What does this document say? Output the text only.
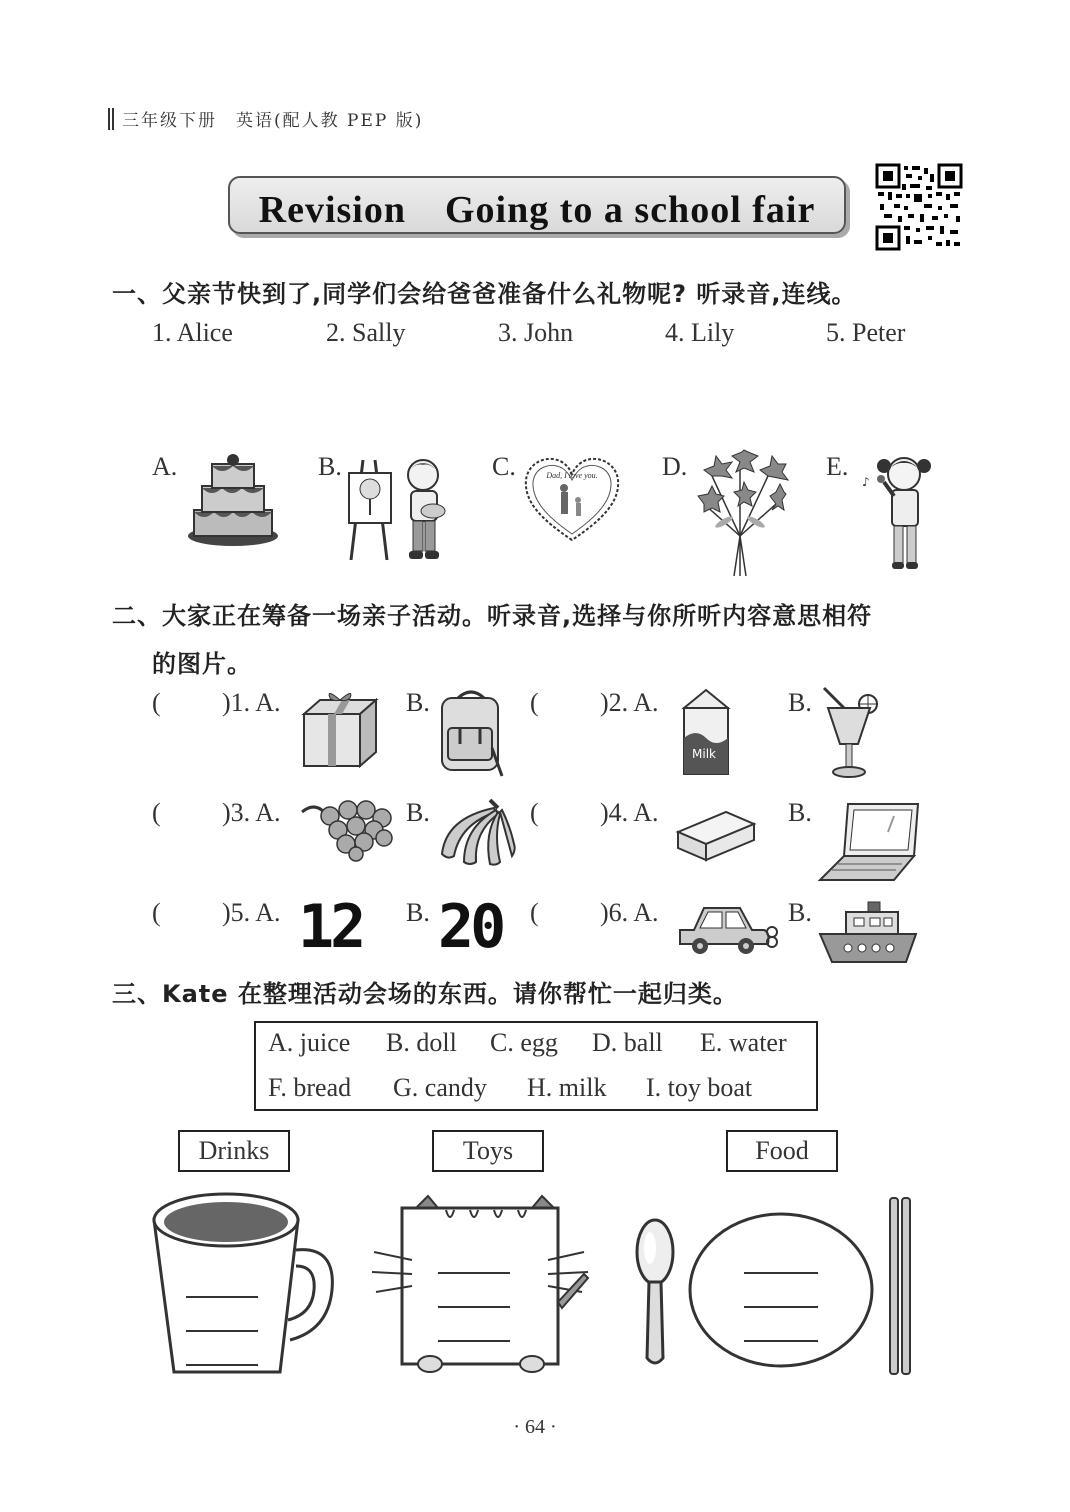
三年级下册　英语(配人教 PEP 版)
Revision　Going to a school fair
一、父亲节快到了,同学们会给爸爸准备什么礼物呢? 听录音,连线。
1. Alice	2. Sally	3. John	4. Lily	5. Peter
A.	B.	C.	D.	E.
Dad, I love you.	♪
二、大家正在筹备一场亲子活动。听录音,选择与你所听内容意思相符
的图片。
( )1. A.	B.	( )2. A.	B.
Milk
( )3. A.	B.	( )4. A.	B.
( )5. A.	B.	( )6. A.	B.
12 20
三、Kate 在整理活动会场的东西。请你帮忙一起归类。
A. juice B. doll C. egg D. ball E. water
F. bread G. candy H. milk I. toy boat
Drinks	Toys	Food
· 64 ·
